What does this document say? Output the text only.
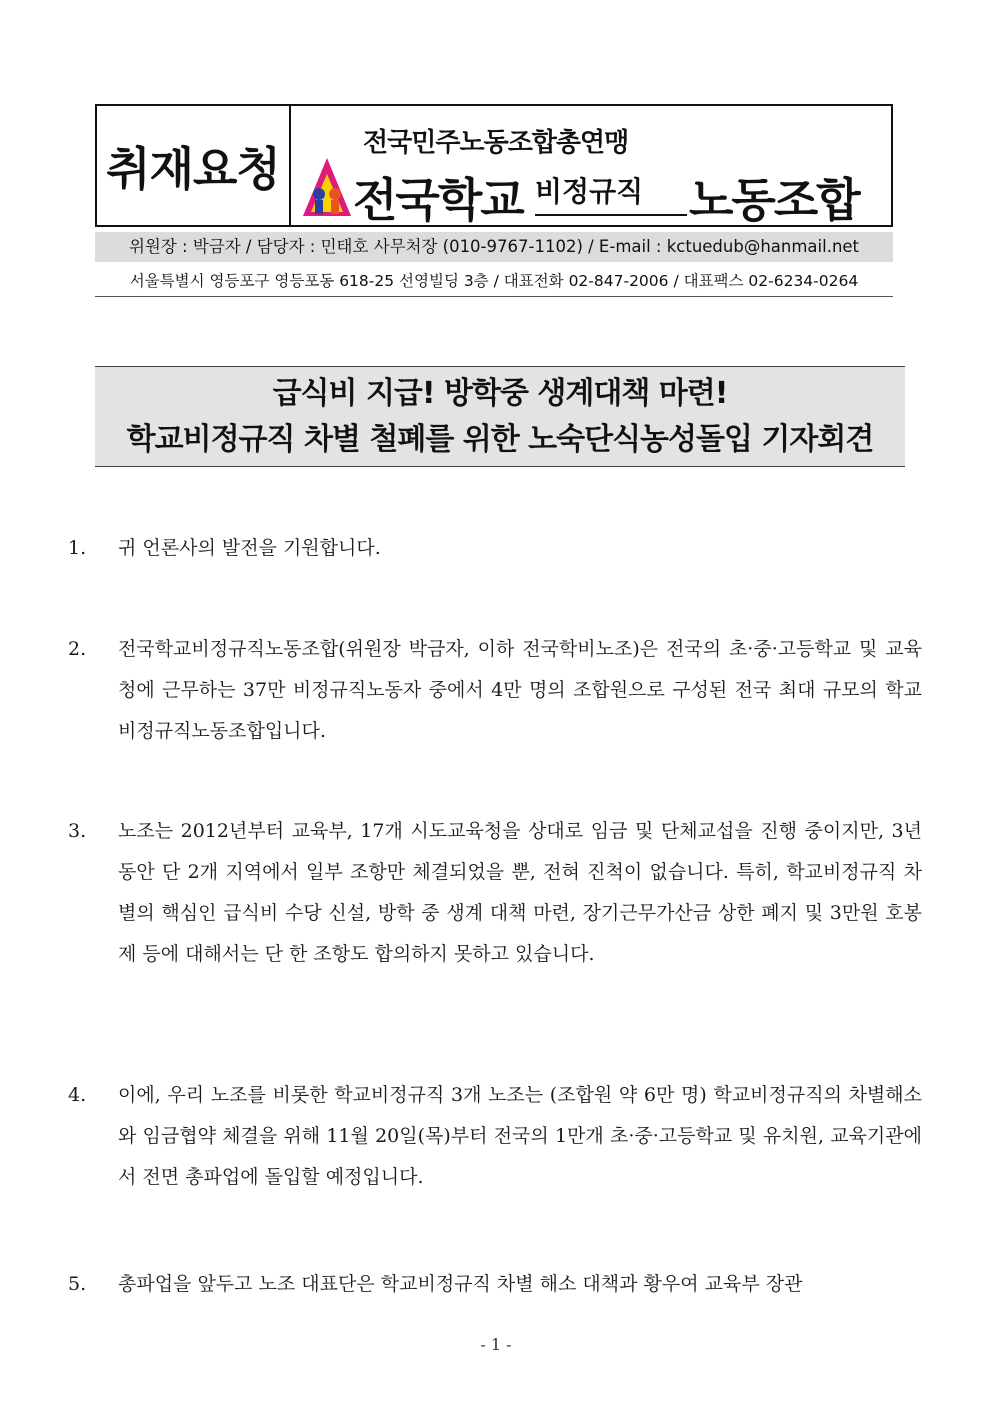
취재요청	전국민주노동조합총연맹
전국학교 비정규직 노동조합
위원장 : 박금자 / 담당자 : 민태호 사무처장 (010-9767-1102) / E-mail : kctuedub@hanmail.net
서울특별시 영등포구 영등포동 618-25 선영빌딩 3층 / 대표전화 02-847-2006 / 대표팩스 02-6234-0264
급식비 지급! 방학중 생계대책 마련!
학교비정규직 차별 철폐를 위한 노숙단식농성돌입 기자회견

1. 귀 언론사의 발전을 기원합니다.

2. 전국학교비정규직노동조합(위원장 박금자, 이하 전국학비노조)은 전국의 초·중·고등학교 및 교육청에 근무하는 37만 비정규직노동자 중에서 4만 명의 조합원으로 구성된 전국 최대 규모의 학교비정규직노동조합입니다.

3. 노조는 2012년부터 교육부, 17개 시도교육청을 상대로 임금 및 단체교섭을 진행 중이지만, 3년 동안 단 2개 지역에서 일부 조항만 체결되었을 뿐, 전혀 진척이 없습니다. 특히, 학교비정규직 차별의 핵심인 급식비 수당 신설, 방학 중 생계 대책 마련, 장기근무가산금 상한 폐지 및 3만원 호봉제 등에 대해서는 단 한 조항도 합의하지 못하고 있습니다.

4. 이에, 우리 노조를 비롯한 학교비정규직 3개 노조는 (조합원 약 6만 명) 학교비정규직의 차별해소와 임금협약 체결을 위해 11월 20일(목)부터 전국의 1만개 초·중·고등학교 및 유치원, 교육기관에서 전면 총파업에 돌입할 예정입니다.

5. 총파업을 앞두고 노조 대표단은 학교비정규직 차별 해소 대책과 황우여 교육부 장관

- 1 -
